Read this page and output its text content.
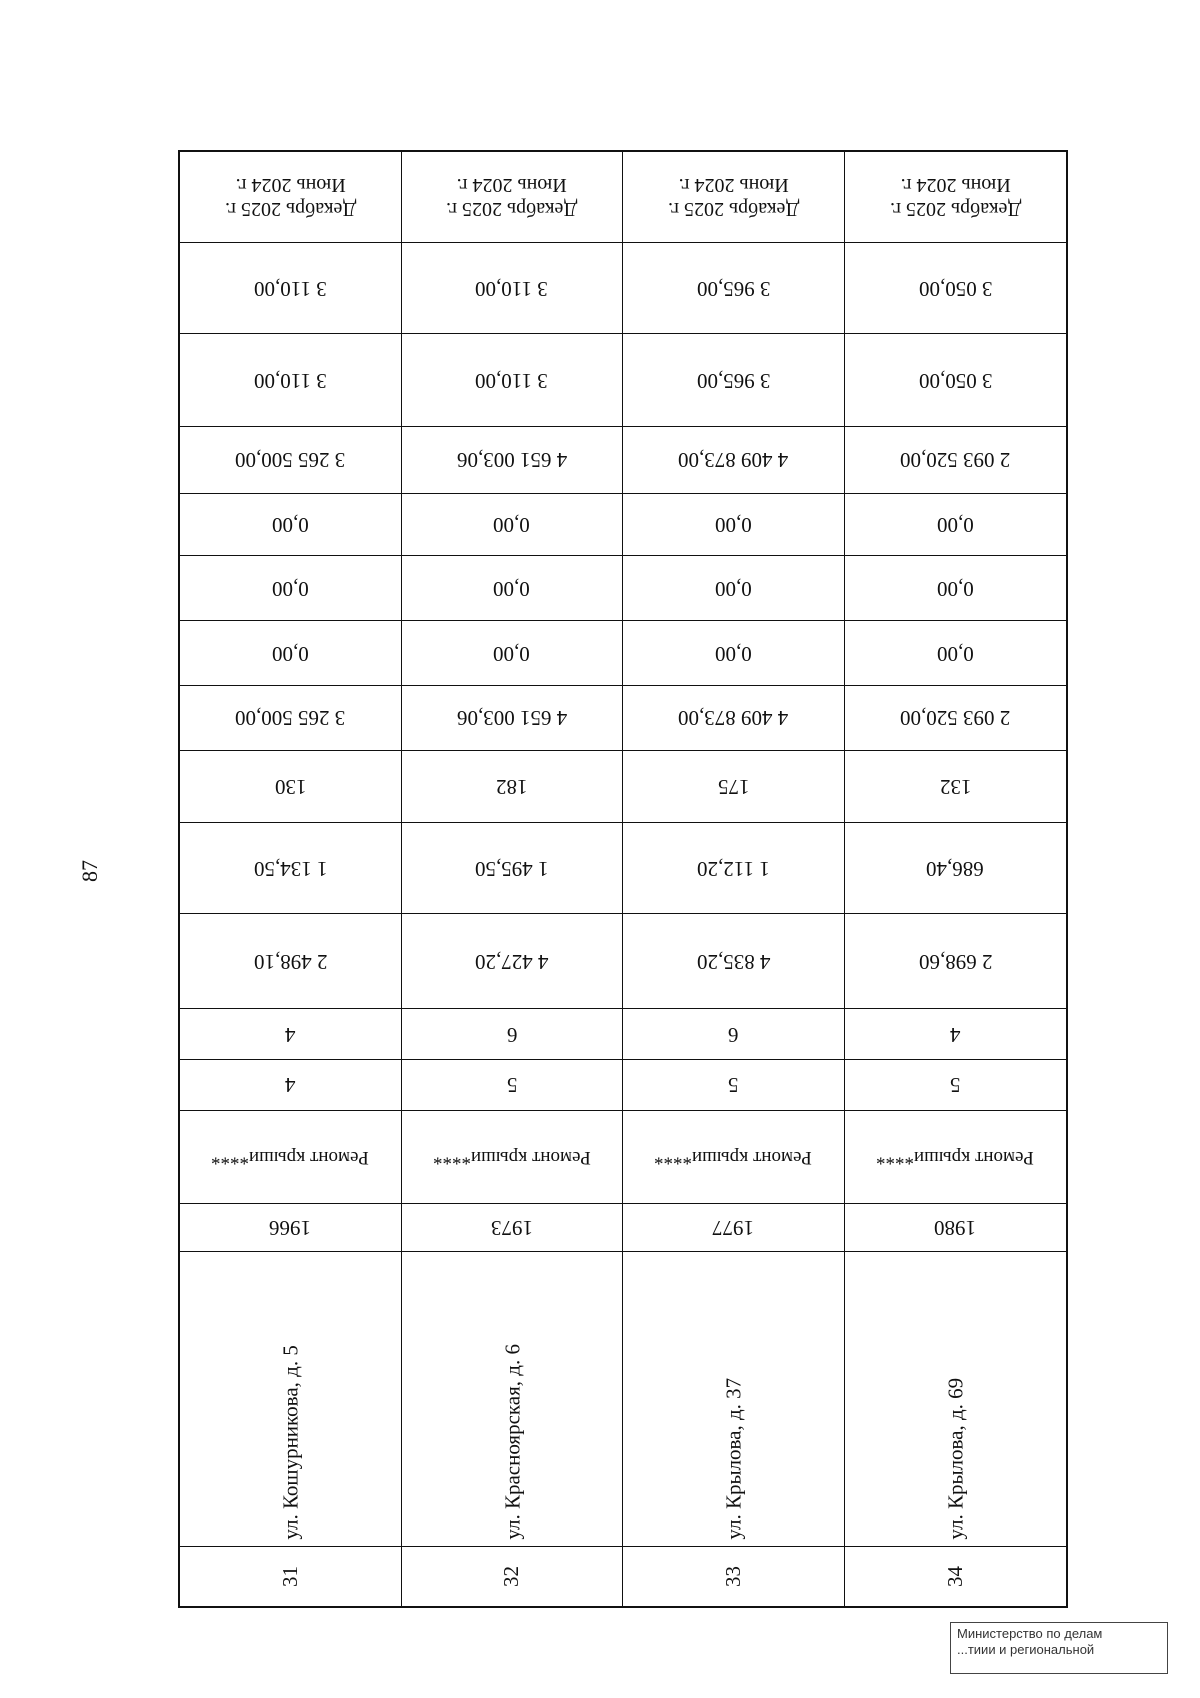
87
Декабрь 2025 г.
Июнь 2024 г.
3 110,00
3 110,00
3 265 500,00
0,00
0,00
0,00
3 265 500,00
130
1 134,50
2 498,10
4
4
Ремонт крыши****
1966
ул. Кошурникова, д. 5
31
Декабрь 2025 г.
Июнь 2024 г.
3 110,00
3 110,00
4 651 003,06
0,00
0,00
0,00
4 651 003,06
182
1 495,50
4 427,20
6
5
Ремонт крыши****
1973
ул. Красноярская, д. 6
32
Декабрь 2025 г.
Июнь 2024 г.
3 965,00
3 965,00
4 409 873,00
0,00
0,00
0,00
4 409 873,00
175
1 112,20
4 835,20
6
5
Ремонт крыши****
1977
ул. Крылова, д. 37
33
Декабрь 2025 г.
Июнь 2024 г.
3 050,00
3 050,00
2 093 520,00
0,00
0,00
0,00
2 093 520,00
132
686,40
2 698,60
4
5
Ремонт крыши****
1980
ул. Крылова, д. 69
34
Министерство по делам
...тиии и региональной
